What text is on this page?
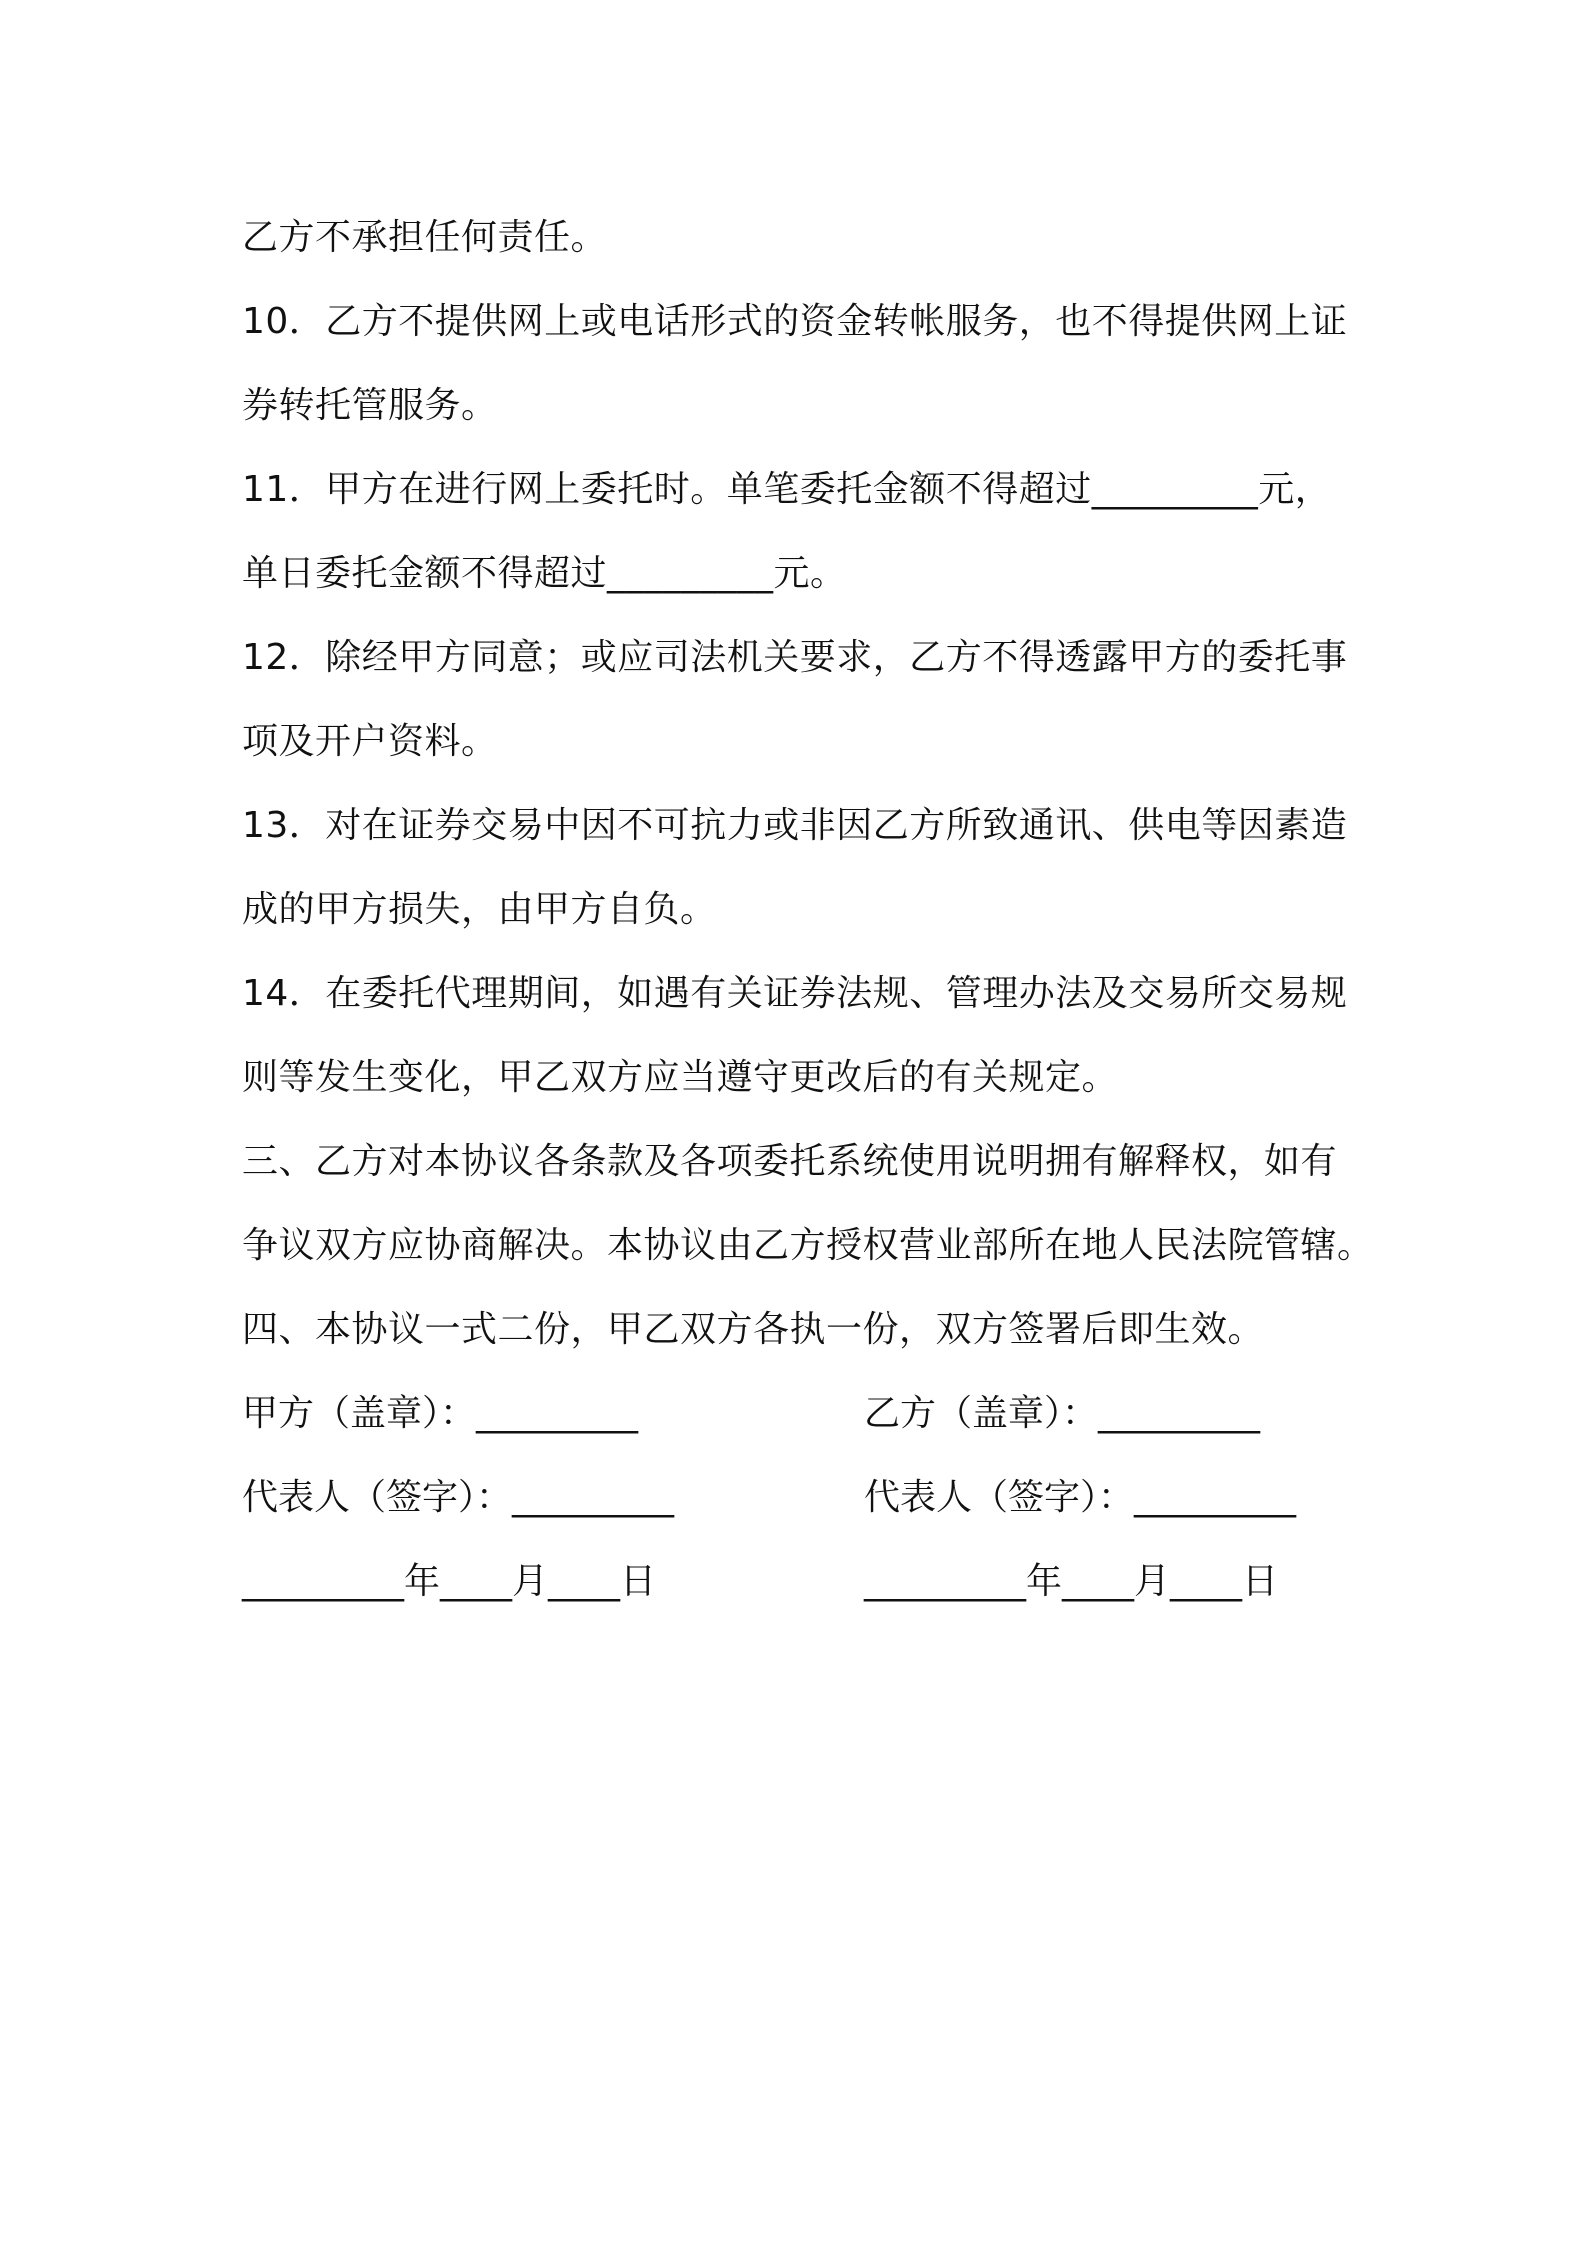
乙方不承担任何责任。
10．乙方不提供网上或电话形式的资金转帐服务，也不得提供网上证
券转托管服务。
11．甲方在进行网上委托时。单笔委托金额不得超过_________元，
单日委托金额不得超过_________元。
12．除经甲方同意；或应司法机关要求，乙方不得透露甲方的委托事
项及开户资料。
13．对在证券交易中因不可抗力或非因乙方所致通讯、供电等因素造
成的甲方损失，由甲方自负。
14．在委托代理期间，如遇有关证券法规、管理办法及交易所交易规
则等发生变化，甲乙双方应当遵守更改后的有关规定。
三、乙方对本协议各条款及各项委托系统使用说明拥有解释权，如有
争议双方应协商解决。本协议由乙方授权营业部所在地人民法院管辖。
四、本协议一式二份，甲乙双方各执一份，双方签署后即生效。
甲方（盖章）：_________	乙方（盖章）：_________
代表人（签字）：_________	代表人（签字）：_________
_________年____月____日	_________年____月____日
